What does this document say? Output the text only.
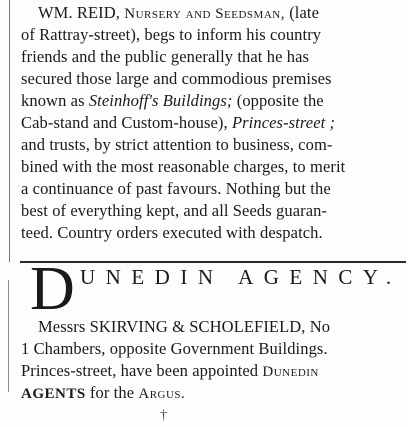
WM. REID, Nursery and Seedsman, (late
of Rattray-street), begs to inform his country
friends and the public generally that he has
secured those large and commodious premises
known as Steinhoff's Buildings; (opposite the
Cab-stand and Custom-house), Princes-street ;
and trusts, by strict attention to business, com-
bined with the most reasonable charges, to merit
a continuance of past favours. Nothing but the
best of everything kept, and all Seeds guaran-
teed. Country orders executed with despatch.
D UNEDIN AGENCY.
Messrs SKIRVING & SCHOLEFIELD, No
1 Chambers, opposite Government Buildings.
Princes-street, have been appointed Dunedin
AGENTS for the Argus.
†
